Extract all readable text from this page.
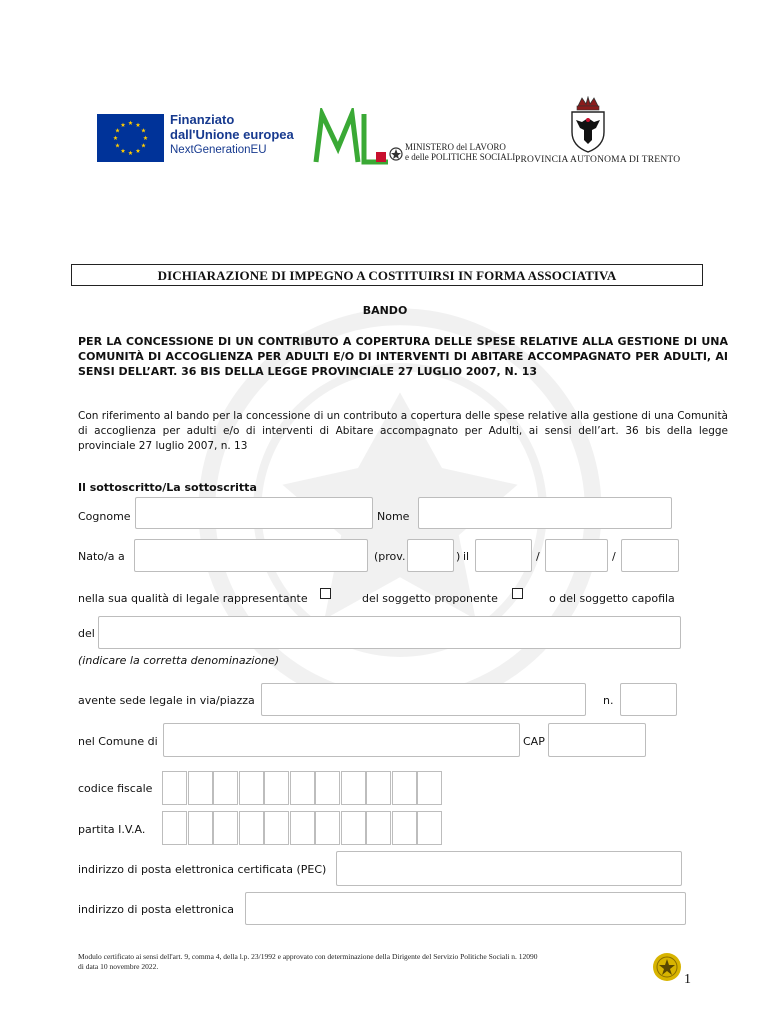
Finanziato
dall'Unione europea
NextGenerationEU	MINISTERO del LAVORO
e delle POLITICHE SOCIALI PROVINCIA AUTONOMA DI TRENTO
DICHIARAZIONE DI IMPEGNO A COSTITUIRSI IN FORMA ASSOCIATIVA
BANDO
PER LA CONCESSIONE DI UN CONTRIBUTO A COPERTURA DELLE SPESE RELATIVE ALLA GESTIONE DI UNA COMUNITÀ DI ACCOGLIENZA PER ADULTI E/O DI INTERVENTI DI ABITARE ACCOMPAGNATO PER ADULTI, AI SENSI DELL’ART. 36 BIS DELLA LEGGE PROVINCIALE 27 LUGLIO 2007, N. 13
Con riferimento al bando per la concessione di un contributo a copertura delle spese relative alla gestione di una Comunità di accoglienza per adulti e/o di interventi di Abitare accompagnato per Adulti, ai sensi dell’art. 36 bis della legge provinciale 27 luglio 2007, n. 13
Il sottoscritto/La sottoscritta
Cognome	Nome
Nato/a a	(prov.	) il	/	/
nella sua qualità di legale rappresentante	del soggetto proponente	o del soggetto capofila
del
(indicare la corretta denominazione)
avente sede legale in via/piazza	n.
nel Comune di	CAP
codice fiscale
partita I.V.A.
indirizzo di posta elettronica certificata (PEC)
indirizzo di posta elettronica
Modulo certificato ai sensi dell'art. 9, comma 4, della l.p. 23/1992 e approvato con determinazione della Dirigente del Servizio Politiche Sociali n. 12090
di data 10 novembre 2022.
1
